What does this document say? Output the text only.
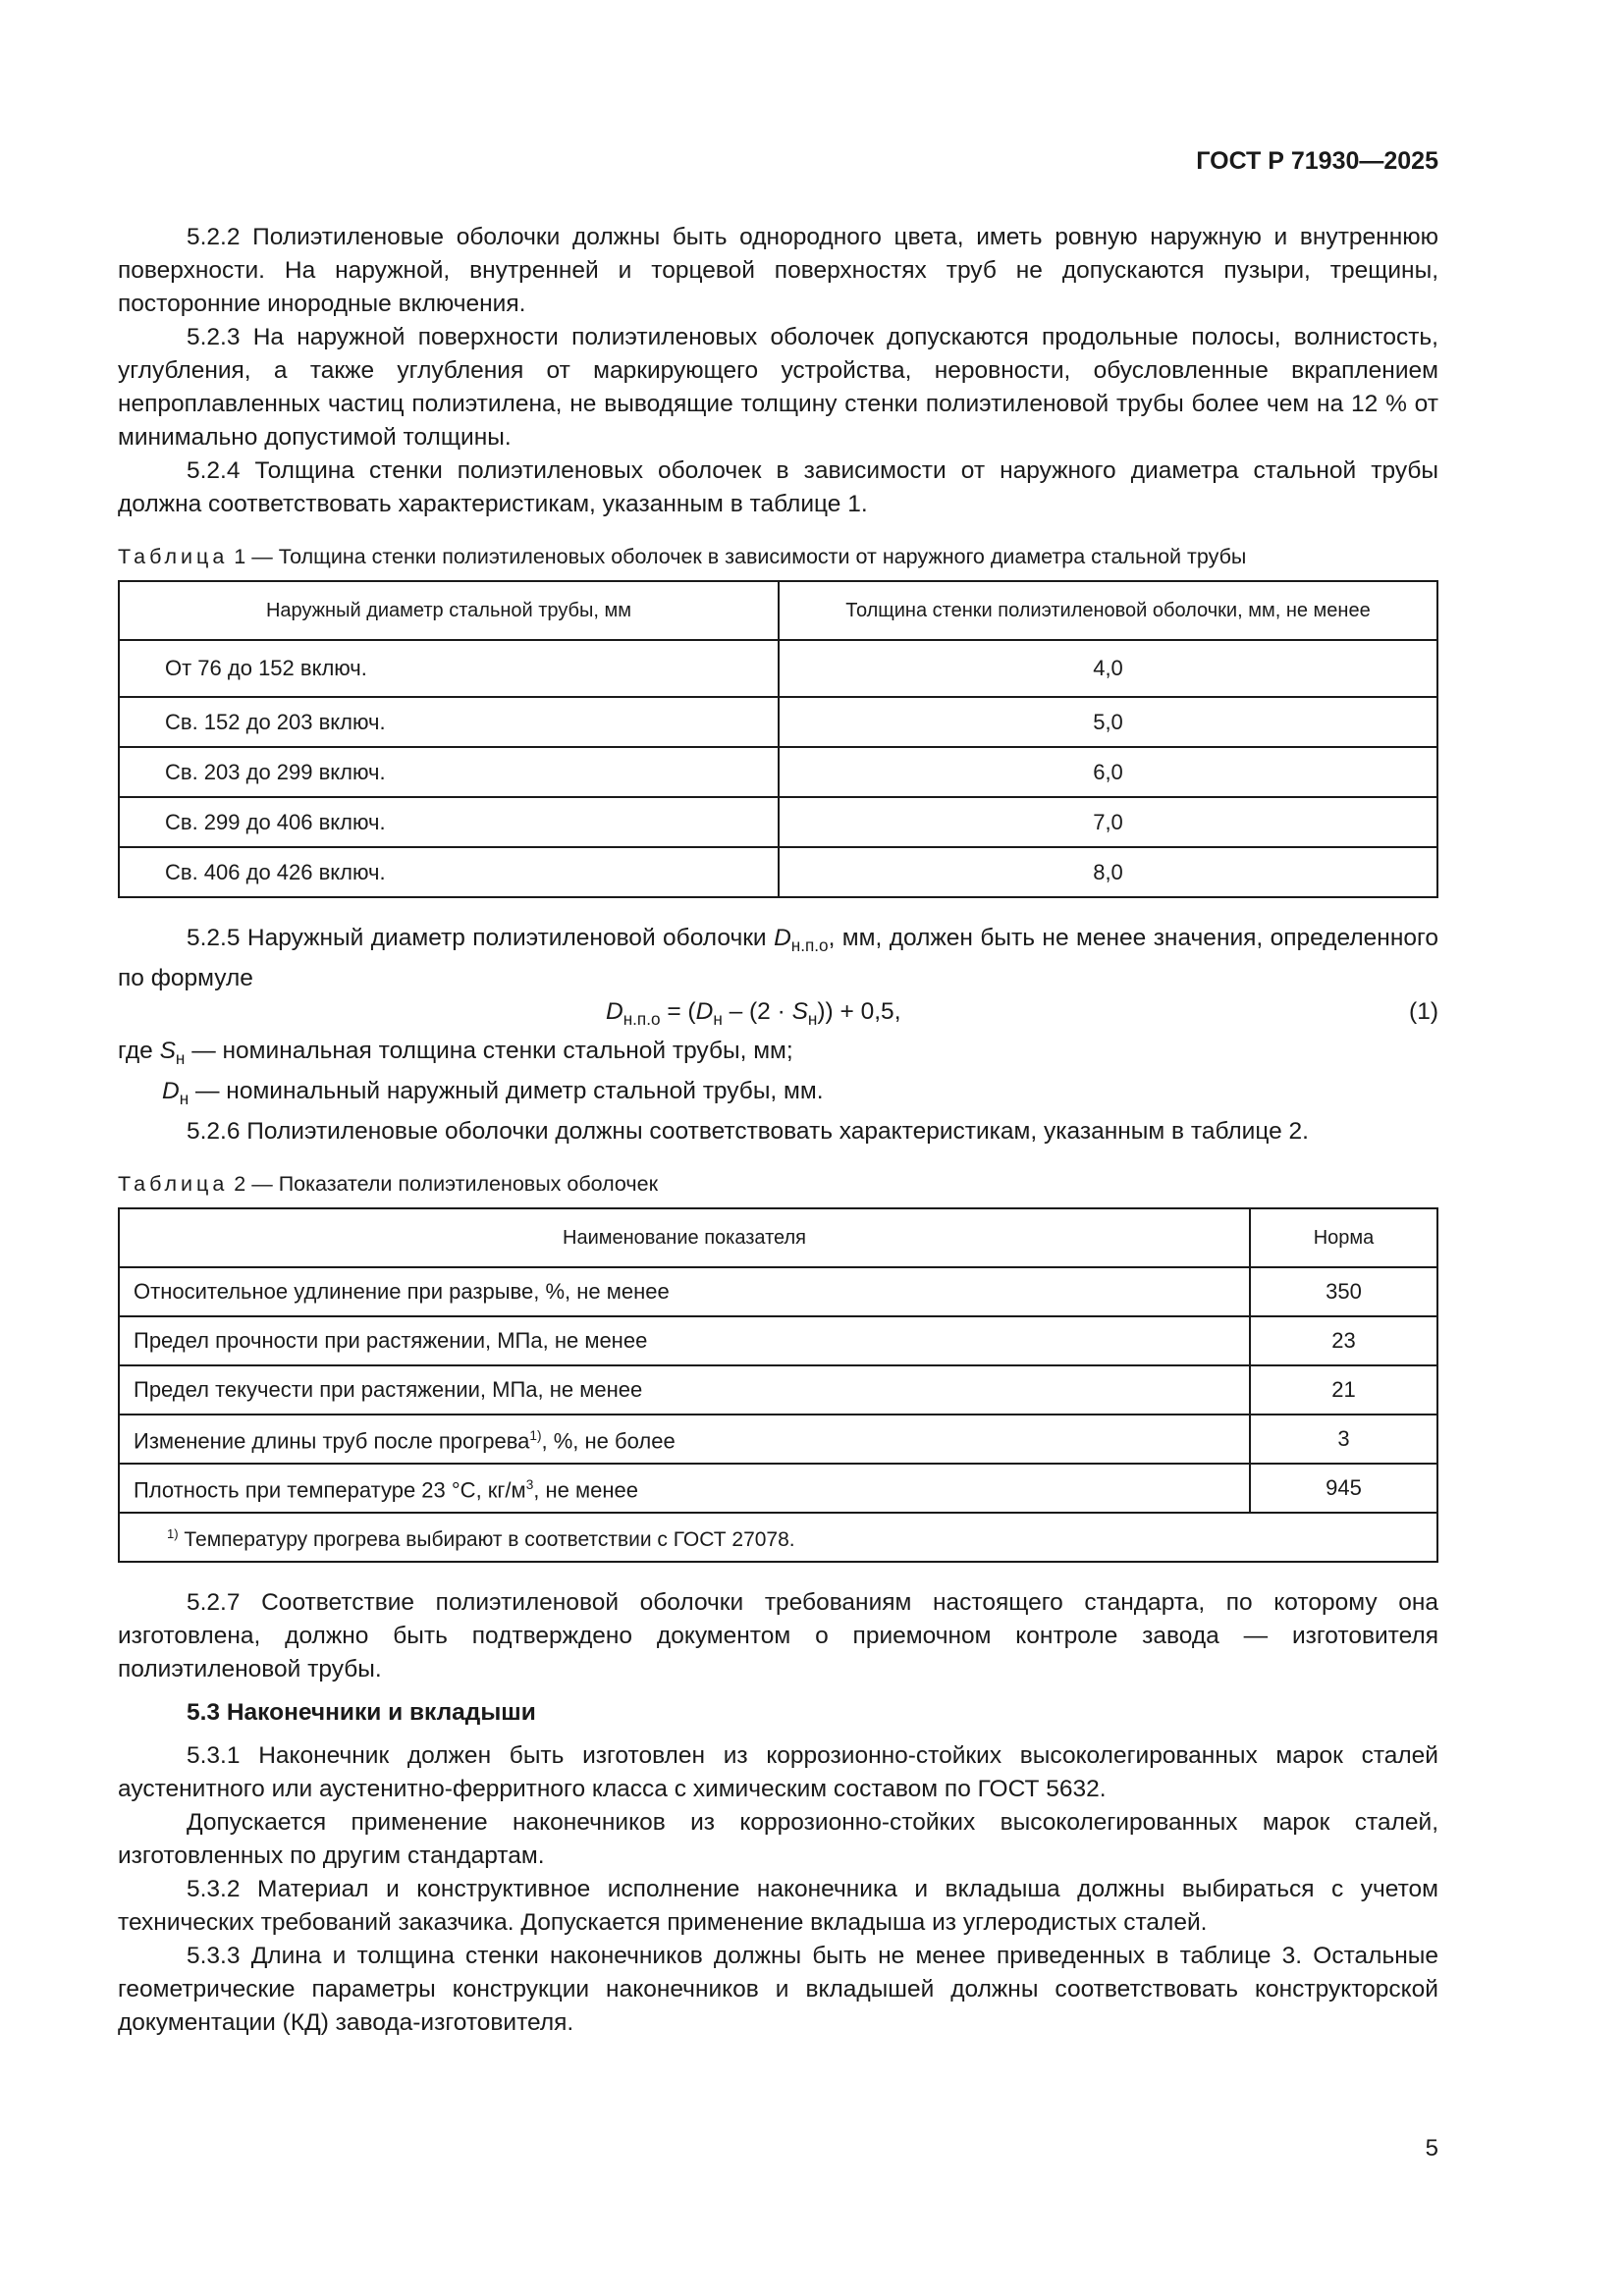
ГОСТ Р 71930—2025

5.2.2 Полиэтиленовые оболочки должны быть однородного цвета, иметь ровную наружную и внутреннюю поверхности. На наружной, внутренней и торцевой поверхностях труб не допускаются пузыри, трещины, посторонние инородные включения.

5.2.3 На наружной поверхности полиэтиленовых оболочек допускаются продольные полосы, волнистость, углубления, а также углубления от маркирующего устройства, неровности, обусловленные вкраплением непроплавленных частиц полиэтилена, не выводящие толщину стенки полиэтиленовой трубы более чем на 12 % от минимально допустимой толщины.

5.2.4 Толщина стенки полиэтиленовых оболочек в зависимости от наружного диаметра стальной трубы должна соответствовать характеристикам, указанным в таблице 1.

Таблица 1 — Толщина стенки полиэтиленовых оболочек в зависимости от наружного диаметра стальной трубы
Наружный диаметр стальной трубы, мм	Толщина стенки полиэтиленовой оболочки, мм, не менее
От 76 до 152 включ.	4,0
Св. 152 до 203 включ.	5,0
Св. 203 до 299 включ.	6,0
Св. 299 до 406 включ.	7,0
Св. 406 до 426 включ.	8,0

5.2.5 Наружный диаметр полиэтиленовой оболочки $D_{н.п.о}$, мм, должен быть не менее значения, определенного по формуле

$D_{н.п.о} = (D_н - (2 \cdot S_н)) + 0,5$,	(1)

где $S_н$ — номинальная толщина стенки стальной трубы, мм;

$D_н$ — номинальный наружный диметр стальной трубы, мм.

5.2.6 Полиэтиленовые оболочки должны соответствовать характеристикам, указанным в таблице 2.

Таблица 2 — Показатели полиэтиленовых оболочек
Наименование показателя	Норма
Относительное удлинение при разрыве, %, не менее	350
Предел прочности при растяжении, МПа, не менее	23
Предел текучести при растяжении, МПа, не менее	21
Изменение длины труб после прогрева$^{1)}$, %, не более	3
Плотность при температуре 23 °С, $кг/м^3$, не менее	945
$^{1)}$ Температуру прогрева выбирают в соответствии с ГОСТ 27078.	

5.2.7 Соответствие полиэтиленовой оболочки требованиям настоящего стандарта, по которому она изготовлена, должно быть подтверждено документом о приемочном контроле завода — изготовителя полиэтиленовой трубы.

5.3 Наконечники и вкладыши

5.3.1 Наконечник должен быть изготовлен из коррозионно-стойких высоколегированных марок сталей аустенитного или аустенитно-ферритного класса с химическим составом по ГОСТ 5632.

Допускается применение наконечников из коррозионно-стойких высоколегированных марок сталей, изготовленных по другим стандартам.

5.3.2 Материал и конструктивное исполнение наконечника и вкладыша должны выбираться с учетом технических требований заказчика. Допускается применение вкладыша из углеродистых сталей.

5.3.3 Длина и толщина стенки наконечников должны быть не менее приведенных в таблице 3. Остальные геометрические параметры конструкции наконечников и вкладышей должны соответствовать конструкторской документации (КД) завода-изготовителя.

5
